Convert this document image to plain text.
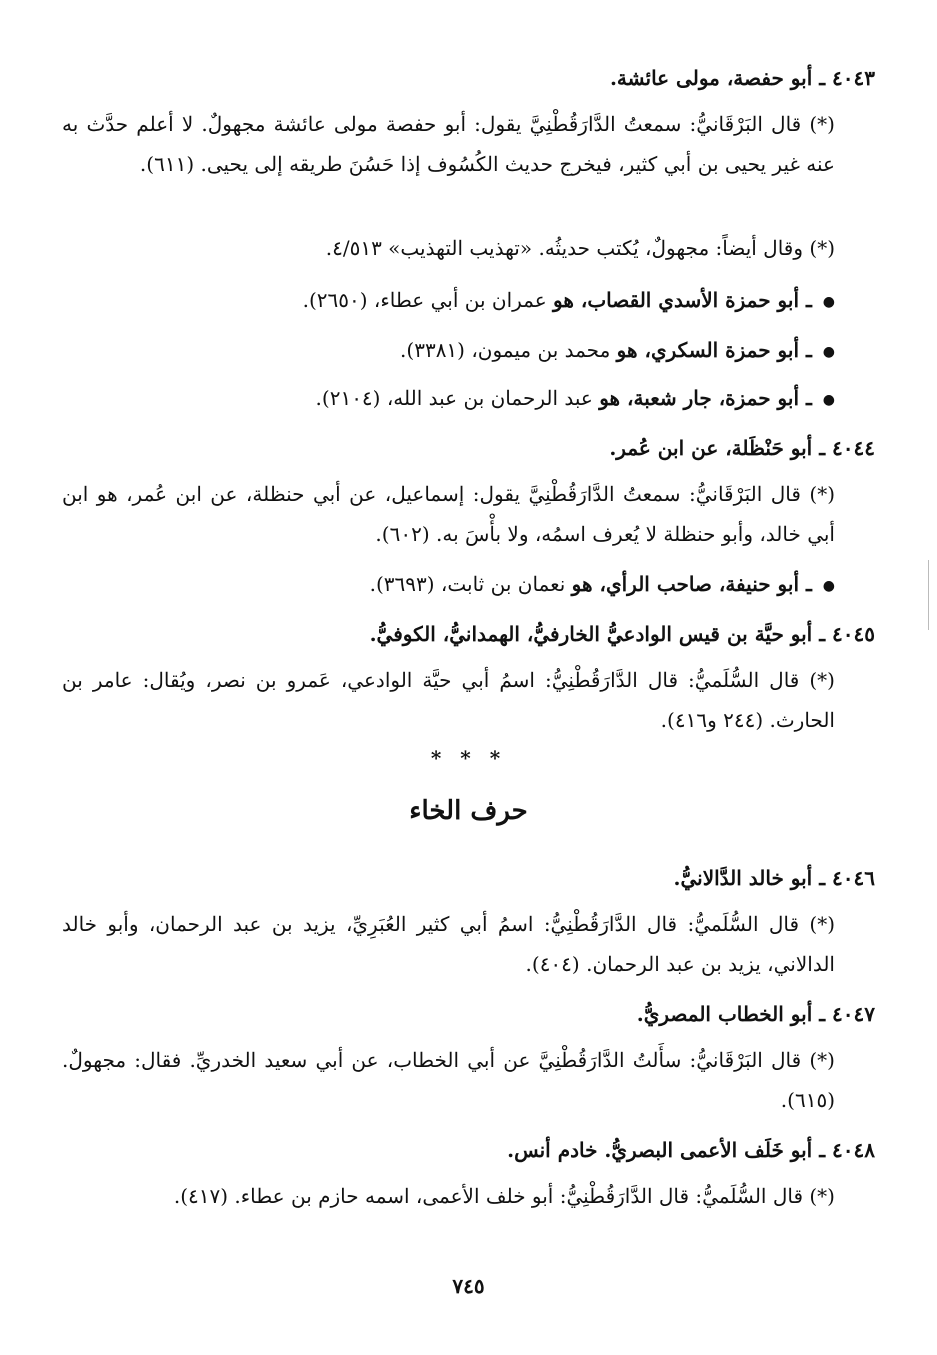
٤٠٤٣ ـ أبو حفصة، مولى عائشة.

(*) قال البَرْقَانيُّ: سمعتُ الدَّارَقُطْنِيَّ يقول: أبو حفصة مولى عائشة مجهولٌ. لا أعلم حدَّث به عنه غير يحيى بن أبي كثير، فيخرج حديث الكُسُوف إذا حَسُنَ طريقه إلى يحيى. (٦١١).

(*) وقال أيضاً: مجهولٌ، يُكتب حديثُه. «تهذيب التهذيب» ٤/٥١٣.

● ـ أبو حمزة الأسدي القصاب، هو عمران بن أبي عطاء، (٢٦٥٠).

● ـ أبو حمزة السكري، هو محمد بن ميمون، (٣٣٨١).

● ـ أبو حمزة، جار شعبة، هو عبد الرحمان بن عبد الله، (٢١٠٤).

٤٠٤٤ ـ أبو حَنْظَلة، عن ابن عُمر.

(*) قال البَرْقَانيُّ: سمعتُ الدَّارَقُطْنِيَّ يقول: إسماعيل، عن أبي حنظلة، عن ابن عُمر، هو ابن أبي خالد، وأبو حنظلة لا يُعرف اسمُه، ولا بأْسَ به. (٦٠٢).

● ـ أبو حنيفة، صاحب الرأي، هو نعمان بن ثابت، (٣٦٩٣).

٤٠٤٥ ـ أبو حيَّة بن قيس الوادعيُّ الخارفيُّ، الهمدانيُّ، الكوفيُّ.

(*) قال السُّلَميُّ: قال الدَّارَقُطْنِيُّ: اسمُ أبي حيَّة الوادعي، عَمرو بن نصر، ويُقال: عامر بن الحارث. (٢٤٤ و٤١٦).

* * *
حرف الخاء

٤٠٤٦ ـ أبو خالد الدَّالانيُّ.

(*) قال السُّلَميُّ: قال الدَّارَقُطْنِيُّ: اسمُ أبي كثير العُبَرِيِّ، يزيد بن عبد الرحمان، وأبو خالد الدالاني، يزيد بن عبد الرحمان. (٤٠٤).

٤٠٤٧ ـ أبو الخطاب المصريُّ.

(*) قال البَرْقَانيُّ: سأَلتُ الدَّارَقُطْنِيَّ عن أبي الخطاب، عن أبي سعيد الخدريِّ. فقال: مجهولٌ. (٦١٥).

٤٠٤٨ ـ أبو خَلَف الأعمى البصريُّ. خادم أنس.

(*) قال السُّلَميُّ: قال الدَّارَقُطْنِيُّ: أبو خلف الأعمى، اسمه حازم بن عطاء. (٤١٧).

٧٤٥
